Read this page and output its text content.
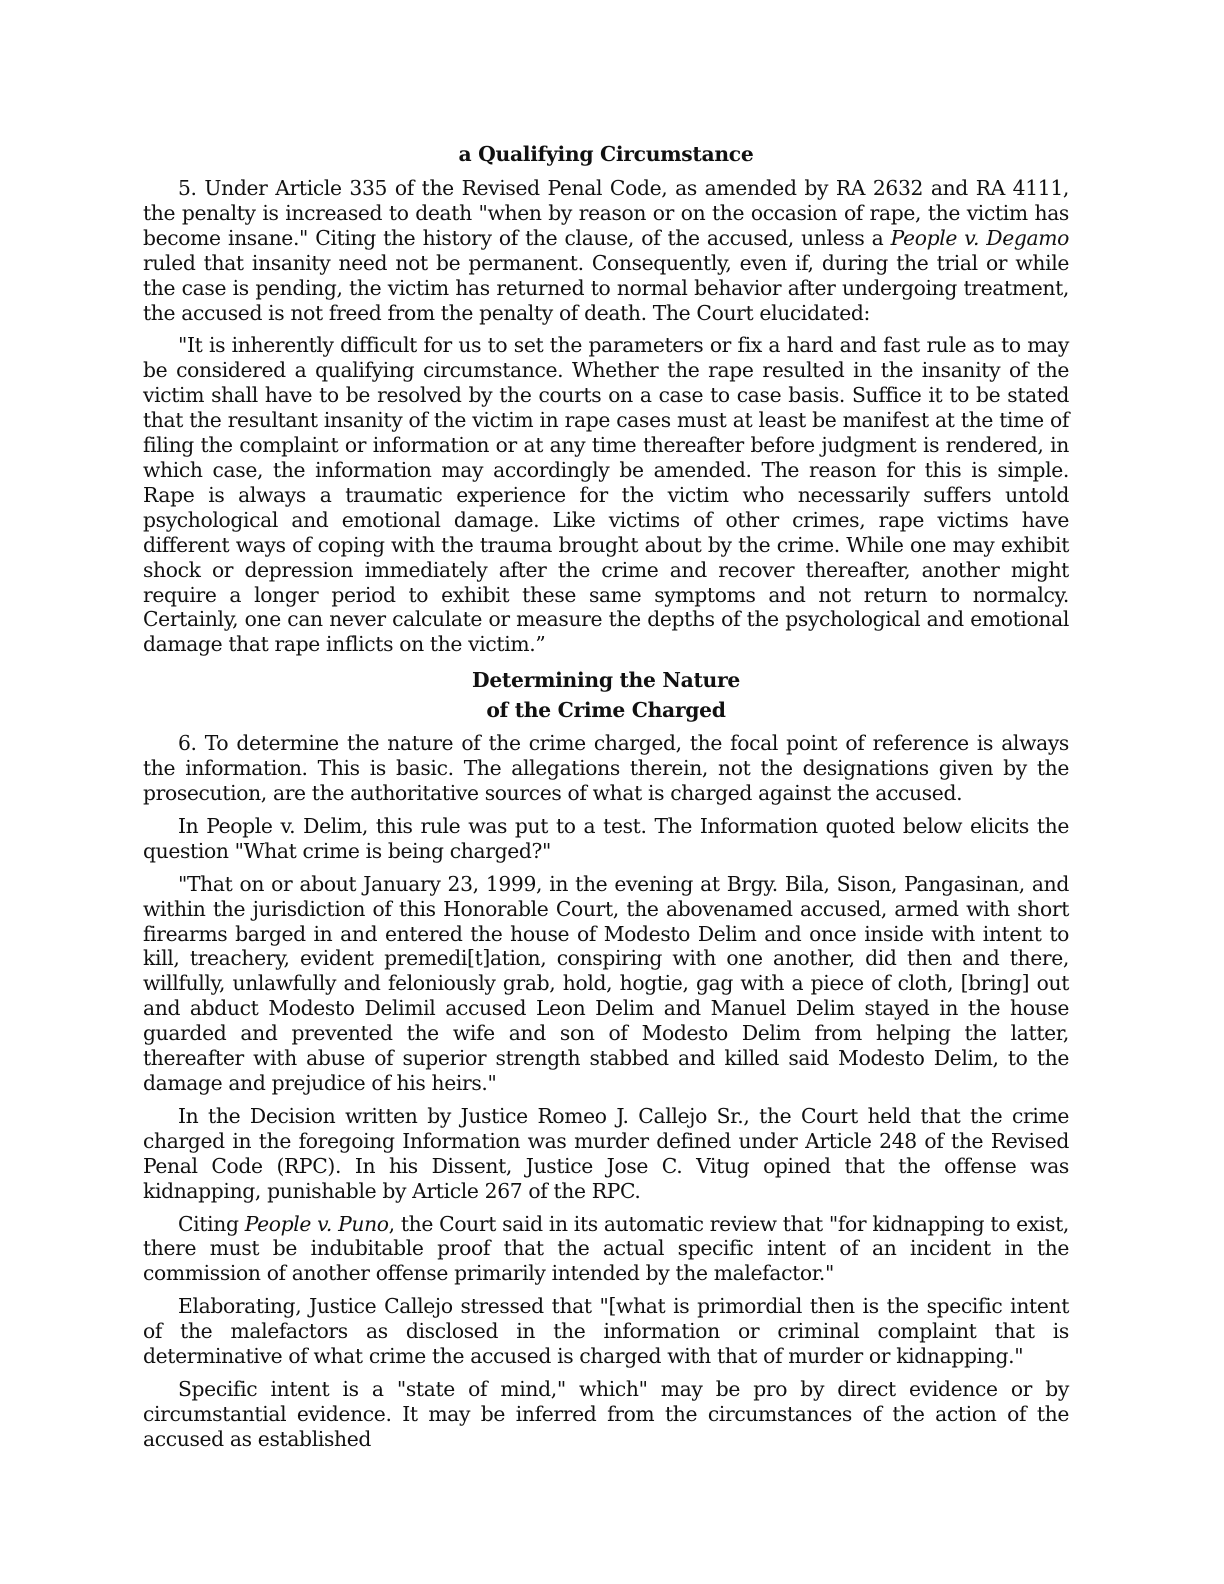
a Qualifying Circumstance

5. Under Article 335 of the Revised Penal Code, as amended by RA 2632 and RA 4111, the penalty is increased to death "when by reason or on the occasion of rape, the victim has become insane." Citing the history of the clause, of the accused, unless a People v. Degamo ruled that insanity need not be permanent. Consequently, even if, during the trial or while the case is pending, the victim has returned to normal behavior after undergoing treatment, the accused is not freed from the penalty of death. The Court elucidated:

"It is inherently difficult for us to set the parameters or fix a hard and fast rule as to may be considered a qualifying circumstance. Whether the rape resulted in the insanity of the victim shall have to be resolved by the courts on a case to case basis. Suffice it to be stated that the resultant insanity of the victim in rape cases must at least be manifest at the time of filing the complaint or information or at any time thereafter before judgment is rendered, in which case, the information may accordingly be amended. The reason for this is simple. Rape is always a traumatic experience for the victim who necessarily suffers untold psychological and emotional damage. Like victims of other crimes, rape victims have different ways of coping with the trauma brought about by the crime. While one may exhibit shock or depression immediately after the crime and recover thereafter, another might require a longer period to exhibit these same symptoms and not return to normalcy. Certainly, one can never calculate or measure the depths of the psychological and emotional damage that rape inflicts on the victim.”

Determining the Nature

of the Crime Charged

6. To determine the nature of the crime charged, the focal point of reference is always the information. This is basic. The allegations therein, not the designations given by the prosecution, are the authoritative sources of what is charged against the accused.

In People v. Delim, this rule was put to a test. The Information quoted below elicits the question "What crime is being charged?"

"That on or about January 23, 1999, in the evening at Brgy. Bila, Sison, Pangasinan, and within the jurisdiction of this Honorable Court, the abovenamed accused, armed with short firearms barged in and entered the house of Modesto Delim and once inside with intent to kill, treachery, evident premedi[t]ation, conspiring with one another, did then and there, willfully, unlawfully and feloniously grab, hold, hogtie, gag with a piece of cloth, [bring] out and abduct Modesto Delimil accused Leon Delim and Manuel Delim stayed in the house guarded and prevented the wife and son of Modesto Delim from helping the latter, thereafter with abuse of superior strength stabbed and killed said Modesto Delim, to the damage and prejudice of his heirs."

In the Decision written by Justice Romeo J. Callejo Sr., the Court held that the crime charged in the foregoing Information was murder defined under Article 248 of the Revised Penal Code (RPC). In his Dissent, Justice Jose C. Vitug opined that the offense was kidnapping, punishable by Article 267 of the RPC.

Citing People v. Puno, the Court said in its automatic review that "for kidnapping to exist, there must be indubitable proof that the actual specific intent of an incident in the commission of another offense primarily intended by the malefactor."

Elaborating, Justice Callejo stressed that "[what is primordial then is the specific intent of the malefactors as disclosed in the information or criminal complaint that is determinative of what crime the accused is charged with that of murder or kidnapping."

Specific intent is a "state of mind," which" may be pro by direct evidence or by circumstantial evidence. It may be inferred from the circumstances of the action of the accused as established
